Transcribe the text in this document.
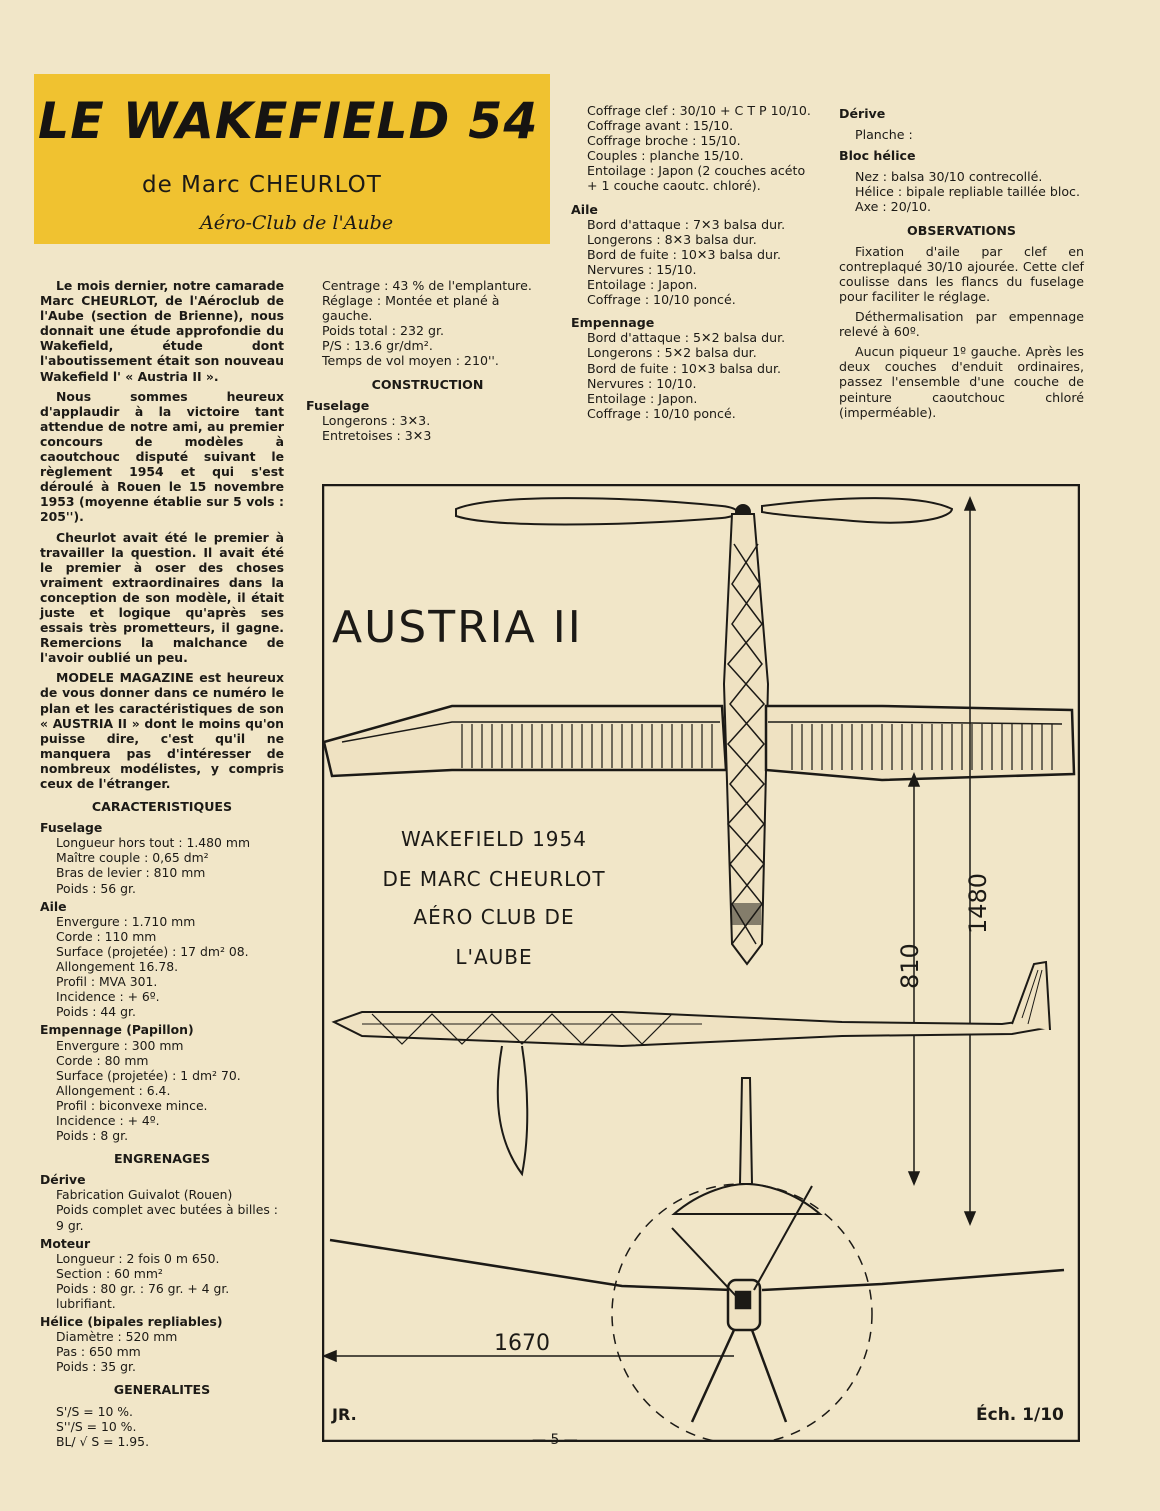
LE WAKEFIELD 54
de Marc CHEURLOT
Aéro-Club de l'Aube

Le mois dernier, notre camarade Marc CHEURLOT, de l'Aéroclub de l'Aube (section de Brienne), nous donnait une étude approfondie du Wakefield, étude dont l'aboutissement était son nouveau Wakefield l' « Austria II ».

Nous sommes heureux d'applaudir à la victoire tant attendue de notre ami, au premier concours de modèles à caoutchouc disputé suivant le règlement 1954 et qui s'est déroulé à Rouen le 15 novembre 1953 (moyenne établie sur 5 vols : 205'').

Cheurlot avait été le premier à travailler la question. Il avait été le premier à oser des choses vraiment extraordinaires dans la conception de son modèle, il était juste et logique qu'après ses essais très prometteurs, il gagne. Remercions la malchance de l'avoir oublié un peu.

MODELE MAGAZINE est heureux de vous donner dans ce numéro le plan et les caractéristiques de son « AUSTRIA II » dont le moins qu'on puisse dire, c'est qu'il ne manquera pas d'intéresser de nombreux modélistes, y compris ceux de l'étranger.

CARACTERISTIQUES
Fuselage
Longueur hors tout : 1.480 mm
Maître couple : 0,65 dm²
Bras de levier : 810 mm
Poids : 56 gr.
Aile
Envergure : 1.710 mm
Corde : 110 mm
Surface (projetée) : 17 dm² 08.
Allongement 16.78.
Profil : MVA 301.
Incidence : + 6º.
Poids : 44 gr.
Empennage (Papillon)
Envergure : 300 mm
Corde : 80 mm
Surface (projetée) : 1 dm² 70.
Allongement : 6.4.
Profil : biconvexe mince.
Incidence : + 4º.
Poids : 8 gr.
ENGRENAGES
Dérive
Fabrication Guivalot (Rouen)
Poids complet avec butées à billes : 9 gr.
Moteur
Longueur : 2 fois 0 m 650.
Section : 60 mm²
Poids : 80 gr. : 76 gr. + 4 gr. lubrifiant.
Hélice (bipales repliables)
Diamètre : 520 mm
Pas : 650 mm
Poids : 35 gr.
GENERALITES
S'/S = 10 %.
S''/S = 10 %.
BL/ √ S = 1.95.
Centrage : 43 % de l'emplanture.
Réglage : Montée et plané à gauche.
Poids total : 232 gr.
P/S : 13.6 gr/dm².
Temps de vol moyen : 210''.
CONSTRUCTION
Fuselage
Longerons : 3✕3.
Entretoises : 3✕3
Coffrage clef : 30/10 + C T P 10/10.
Coffrage avant : 15/10.
Coffrage broche : 15/10.
Couples : planche 15/10.
Entoilage : Japon (2 couches acéto + 1 couche caoutc. chloré).
Aile
Bord d'attaque : 7✕3 balsa dur.
Longerons : 8✕3 balsa dur.
Bord de fuite : 10✕3 balsa dur.
Nervures : 15/10.
Entoilage : Japon.
Coffrage : 10/10 poncé.
Empennage
Bord d'attaque : 5✕2 balsa dur.
Longerons : 5✕2 balsa dur.
Bord de fuite : 10✕3 balsa dur.
Nervures : 10/10.
Entoilage : Japon.
Coffrage : 10/10 poncé.
Dérive
Planche :
Bloc hélice
Nez : balsa 30/10 contrecollé.
Hélice : bipale repliable taillée bloc.
Axe : 20/10.
OBSERVATIONS

Fixation d'aile par clef en contreplaqué 30/10 ajourée. Cette clef coulisse dans les flancs du fuselage pour faciliter le réglage.

Déthermalisation par empennage relevé à 60º.

Aucun piqueur 1º gauche. Après les deux couches d'enduit ordinaires, passez l'ensemble d'une couche de peinture caoutchouc chloré (imperméable).

AUSTRIA II
WAKEFIELD 1954
DE MARC CHEURLOT
AÉRO CLUB DE
L'AUBE
1480
810
1670
JR.	Éch. 1/10
— 5 —
